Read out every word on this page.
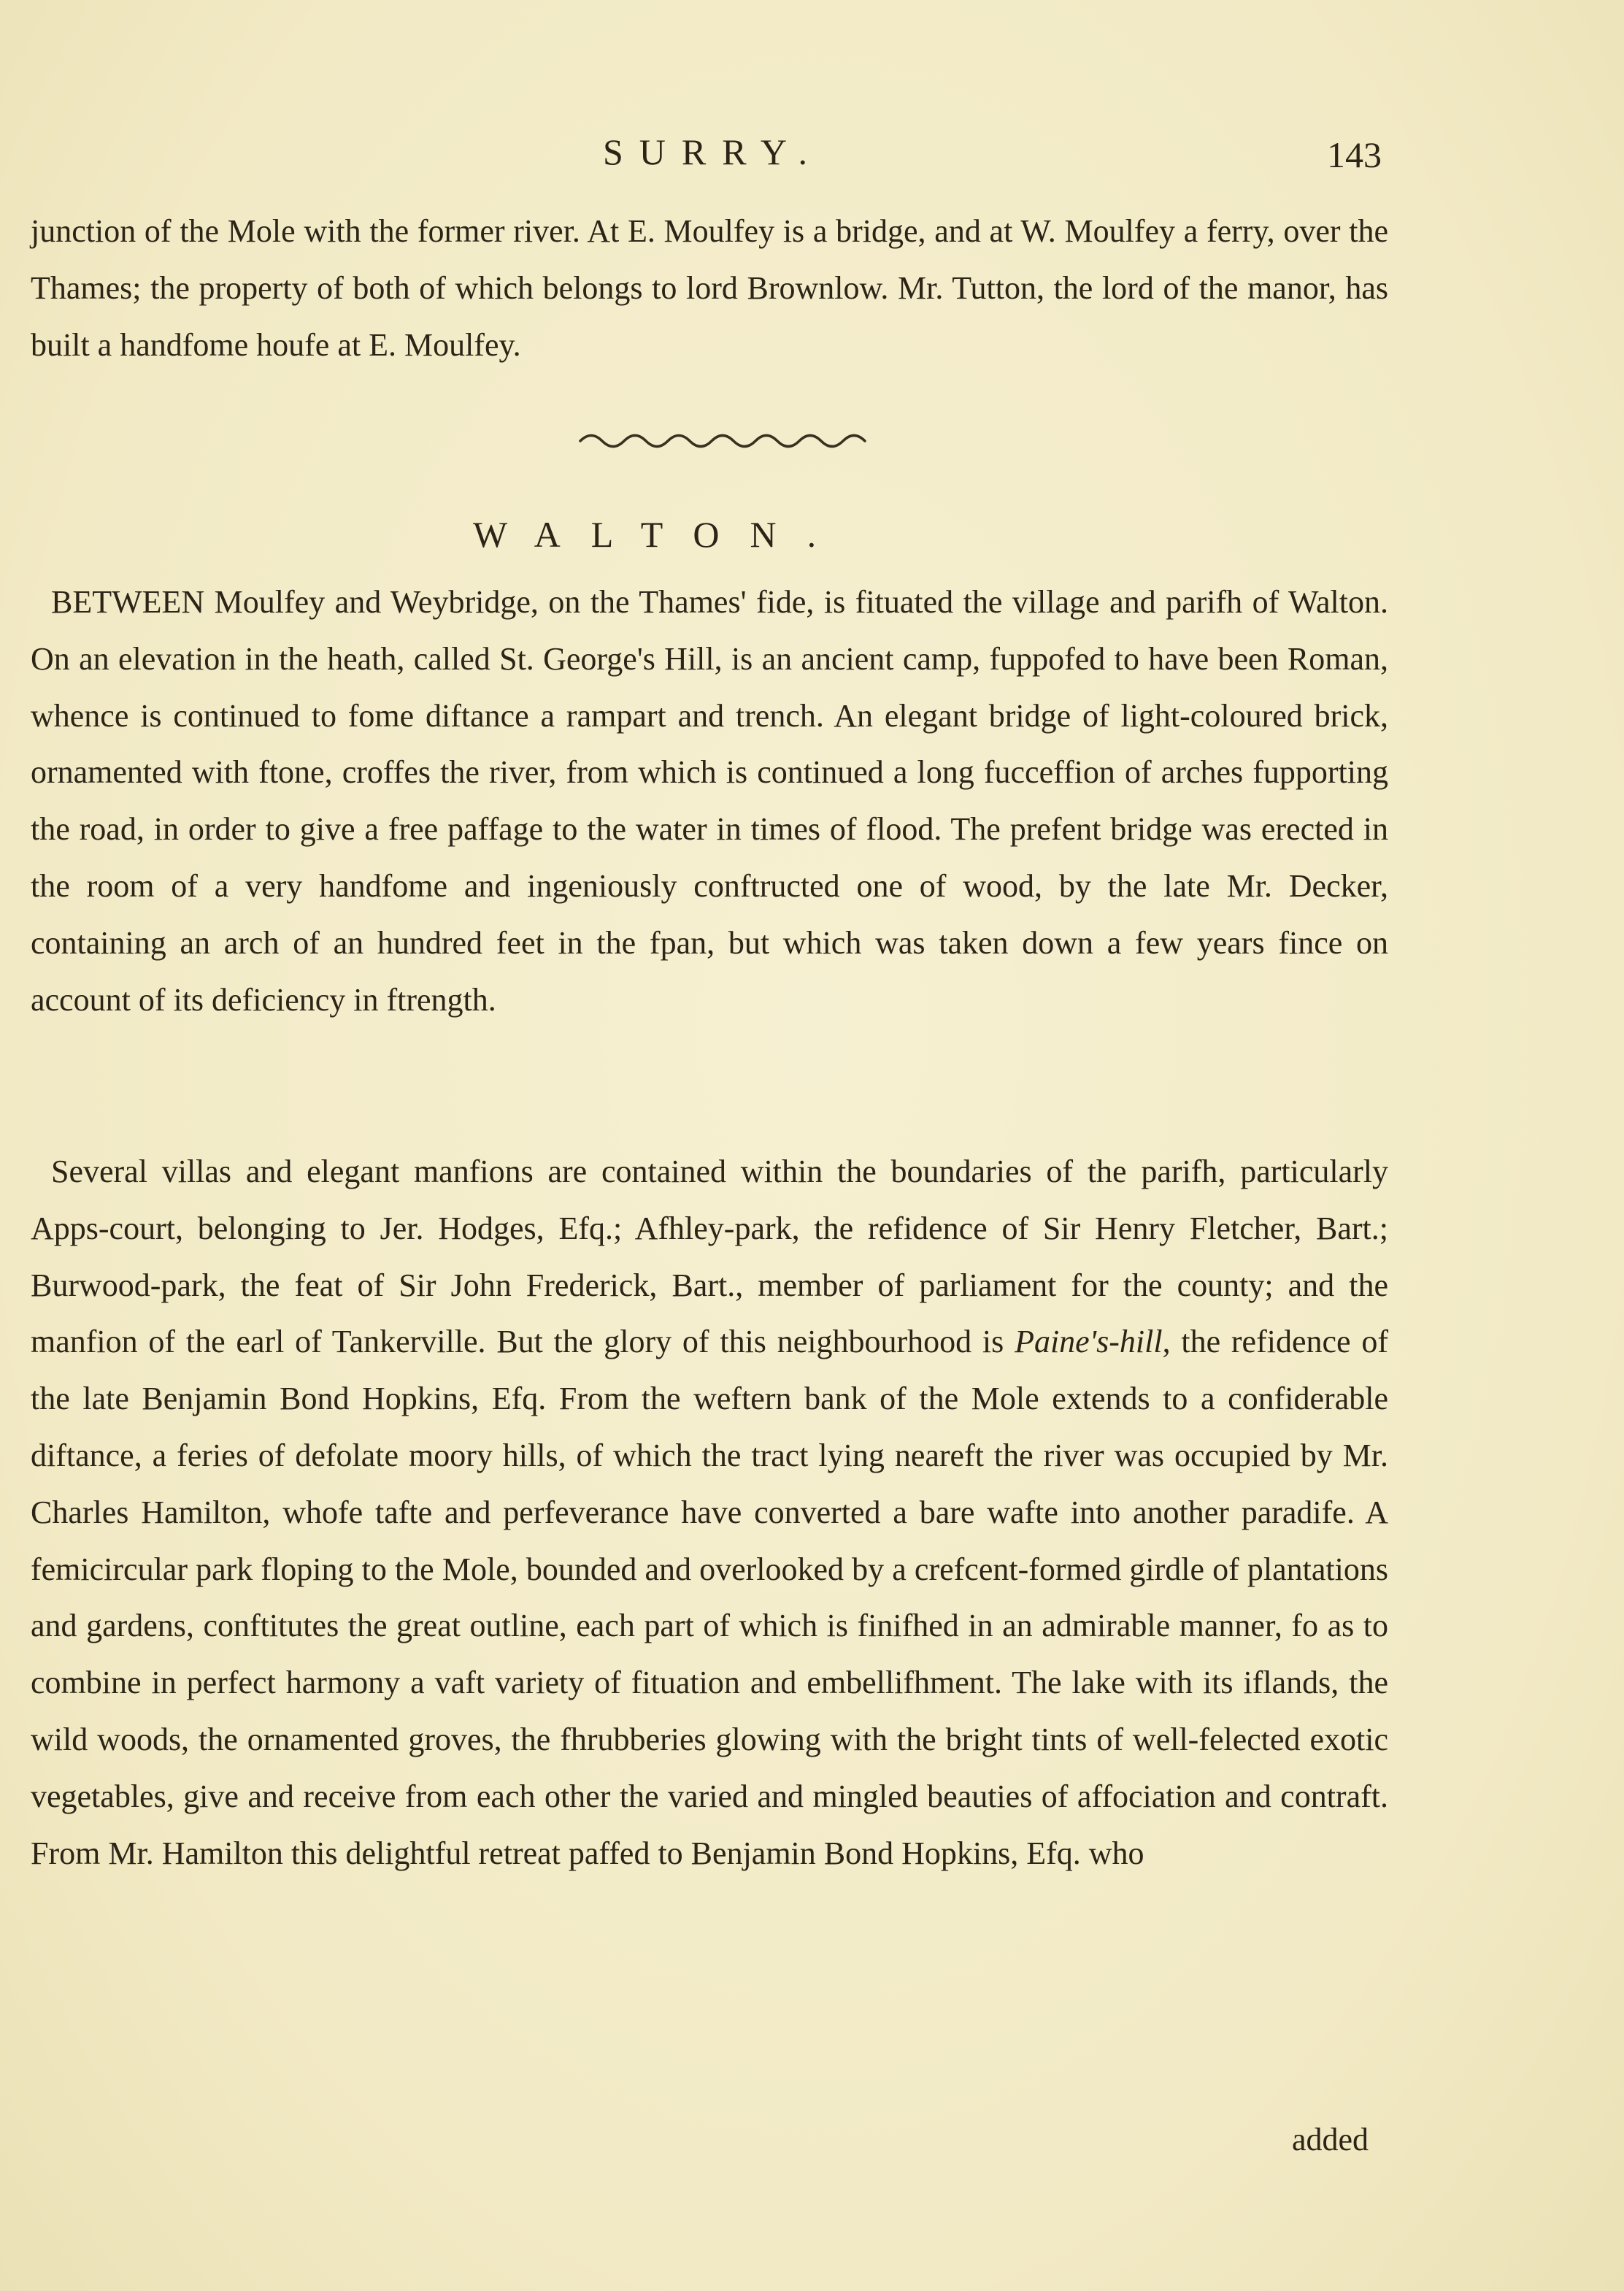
SURRY.	143

junction of the Mole with the former river. At E. Moulfey is a bridge, and at W. Moulfey a ferry, over the Thames; the property of both of which belongs to lord Brownlow. Mr. Tutton, the lord of the manor, has built a handfome houfe at E. Moulfey.

WALTON.

BETWEEN Moulfey and Weybridge, on the Thames' fide, is fituated the village and parifh of Walton. On an elevation in the heath, called St. George's Hill, is an ancient camp, fuppofed to have been Roman, whence is continued to fome diftance a rampart and trench. An elegant bridge of light-coloured brick, ornamented with ftone, croffes the river, from which is continued a long fucceffion of arches fupporting the road, in order to give a free paffage to the water in times of flood. The prefent bridge was erected in the room of a very handfome and ingeniously conftructed one of wood, by the late Mr. Decker, containing an arch of an hundred feet in the fpan, but which was taken down a few years fince on account of its deficiency in ftrength.

Several villas and elegant manfions are contained within the boundaries of the parifh, particularly Apps-court, belonging to Jer. Hodges, Efq.; Afhley-park, the refidence of Sir Henry Fletcher, Bart.; Burwood-park, the feat of Sir John Frederick, Bart., member of parliament for the county; and the manfion of the earl of Tankerville. But the glory of this neighbourhood is Paine's-hill, the refidence of the late Benjamin Bond Hopkins, Efq. From the weftern bank of the Mole extends to a confiderable diftance, a feries of defolate moory hills, of which the tract lying neareft the river was occupied by Mr. Charles Hamilton, whofe tafte and perfeverance have converted a bare wafte into another paradife. A femicircular park floping to the Mole, bounded and overlooked by a crefcent-formed girdle of plantations and gardens, conftitutes the great outline, each part of which is finifhed in an admirable manner, fo as to combine in perfect harmony a vaft variety of fituation and embellifhment. The lake with its iflands, the wild woods, the ornamented groves, the fhrubberies glowing with the bright tints of well-felected exotic vegetables, give and receive from each other the varied and mingled beauties of affociation and contraft. From Mr. Hamilton this delightful retreat paffed to Benjamin Bond Hopkins, Efq. who

added
